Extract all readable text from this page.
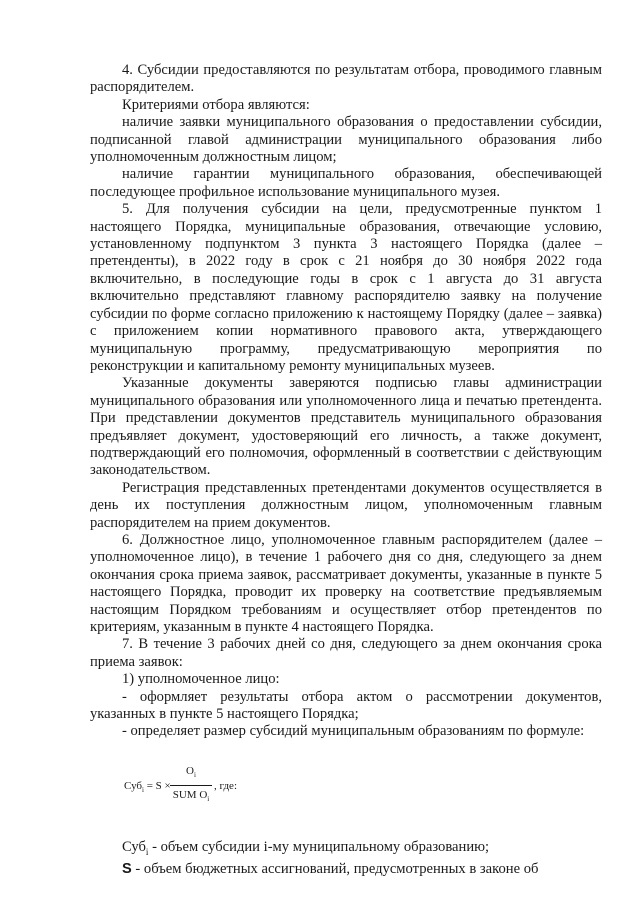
4. Субсидии предоставляются по результатам отбора, проводимого главным распорядителем.

Критериями отбора являются:

наличие заявки муниципального образования о предоставлении субсидии, подписанной главой администрации муниципального образования либо уполномоченным должностным лицом;

наличие гарантии муниципального образования, обеспечивающей последующее профильное использование муниципального музея.

5. Для получения субсидии на цели, предусмотренные пунктом 1 настоящего Порядка, муниципальные образования, отвечающие условию, установленному подпунктом 3 пункта 3 настоящего Порядка (далее – претенденты), в 2022 году в срок с 21 ноября до 30 ноября 2022 года включительно, в последующие годы в срок с 1 августа до 31 августа включительно представляют главному распорядителю заявку на получение субсидии по форме согласно приложению к настоящему Порядку (далее – заявка) с приложением копии нормативного правового акта, утверждающего муниципальную программу, предусматривающую мероприятия по реконструкции и капитальному ремонту муниципальных музеев.

Указанные документы заверяются подписью главы администрации муниципального образования или уполномоченного лица и печатью претендента. При представлении документов представитель муниципального образования предъявляет документ, удостоверяющий его личность, а также документ, подтверждающий его полномочия, оформленный в соответствии с действующим законодательством.

Регистрация представленных претендентами документов осуществляется в день их поступления должностным лицом, уполномоченным главным распорядителем на прием документов.

6. Должностное лицо, уполномоченное главным распорядителем (далее – уполномоченное лицо), в течение 1 рабочего дня со дня, следующего за днем окончания срока приема заявок, рассматривает документы, указанные в пункте 5 настоящего Порядка, проводит их проверку на соответствие предъявляемым настоящим Порядком требованиям и осуществляет отбор претендентов по критериям, указанным в пункте 4 настоящего Порядка.

7. В течение 3 рабочих дней со дня, следующего за днем окончания срока приема заявок:

1) уполномоченное лицо:

- оформляет результаты отбора актом о рассмотрении документов, указанных в пункте 5 настоящего Порядка;

- определяет размер субсидий муниципальным образованиям по формуле:

Суб$_i$ = S ×
$O_i$
SUM $O_i$
, где:

Суб$_i$ - объем субсидии i-му муниципальному образованию;

S - объем бюджетных ассигнований, предусмотренных в законе об
